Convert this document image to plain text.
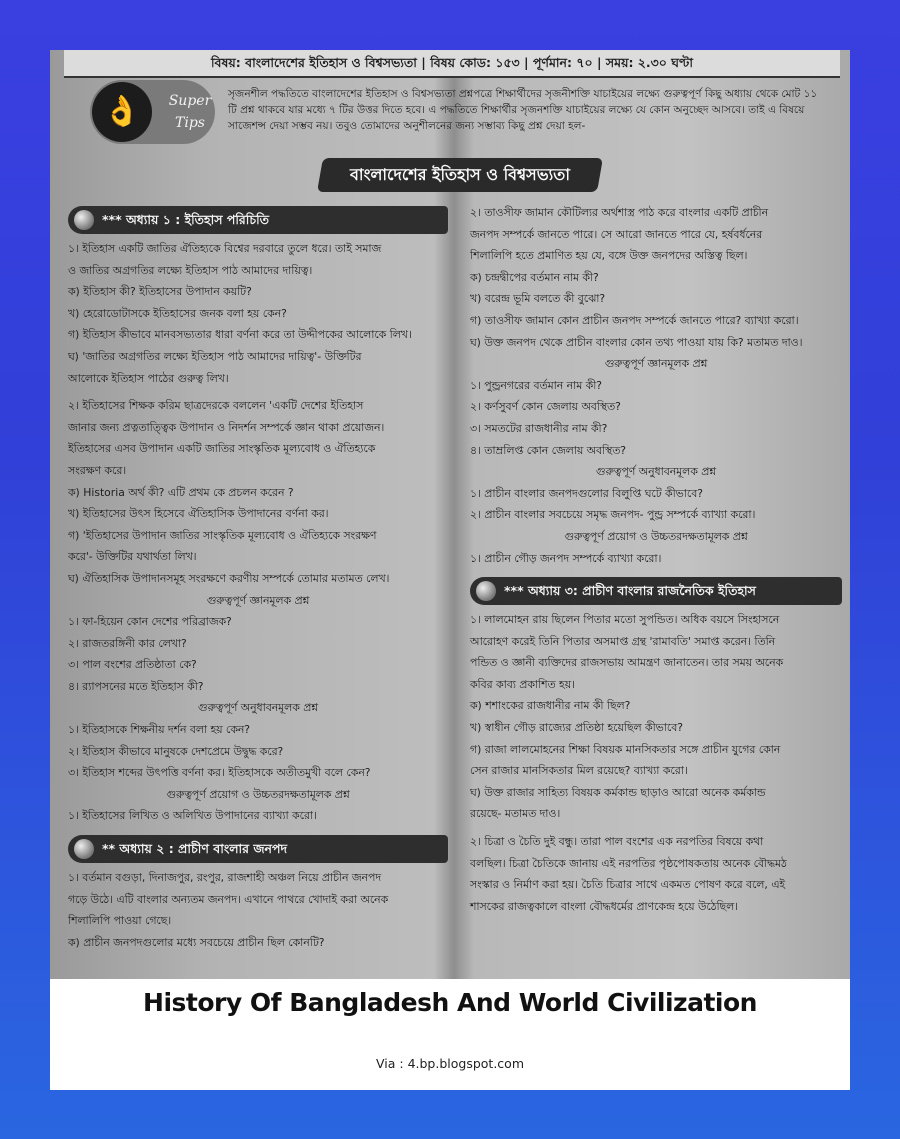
বিষয়: বাংলাদেশের ইতিহাস ও বিশ্বসভ্যতা | বিষয় কোড: ১৫৩ | পূর্ণমান: ৭০ | সময়: ২.৩০ ঘণ্টা
👌	Super
Tips
সৃজনশীল পদ্ধতিতে বাংলাদেশের ইতিহাস ও বিশ্বসভ্যতা প্রশ্নপত্রে শিক্ষার্থীদের সৃজনীশক্তি যাচাইয়ের লক্ষ্যে গুরুত্বপূর্ণ কিছু অধ্যায় থেকে মোট ১১ টি প্রশ্ন থাকবে যার মধ্যে ৭ টির উত্তর দিতে হবে। এ পদ্ধতিতে শিক্ষার্থীর সৃজনশক্তি যাচাইয়ের লক্ষ্যে যে কোন অনুচ্ছেদ আসবে। তাই এ বিষয়ে সাজেশন্স দেয়া সম্ভব নয়। তবুও তোমাদের অনুশীলনের জন্য সম্ভাব্য কিছু প্রশ্ন দেয়া হল-
বাংলাদেশের ইতিহাস ও বিশ্বসভ্যতা
*** অধ্যায় ১ : ইতিহাস পরিচিতি

১। ইতিহাস একটি জাতির ঐতিহ্যকে বিশ্বের দরবারে তুলে ধরে। তাই সমাজ

ও জাতির অগ্রগতির লক্ষ্যে ইতিহাস পাঠ আমাদের দায়িত্ব।

ক) ইতিহাস কী? ইতিহাসের উপাদান কয়টি?

খ) হেরোডোটাসকে ইতিহাসের জনক বলা হয় কেন?

গ) ইতিহাস কীভাবে মানবসভ্যতার ধারা বর্ণনা করে তা উদ্দীপকের আলোকে লিখ।

ঘ) 'জাতির অগ্রগতির লক্ষ্যে ইতিহাস পাঠ আমাদের দায়িত্ব'- উক্তিটির

আলোকে ইতিহাস পাঠের গুরুত্ব লিখ।

২। ইতিহাসের শিক্ষক করিম ছাত্রদেরকে বললেন 'একটি দেশের ইতিহাস

জানার জন্য প্রত্নতাত্ত্বিক উপাদান ও নিদর্শন সম্পর্কে জ্ঞান থাকা প্রয়োজন।

ইতিহাসের এসব উপাদান একটি জাতির সাংস্কৃতিক মূল্যবোধ ও ঐতিহ্যকে

সংরক্ষণ করে।

ক) Historia অর্থ কী? এটি প্রথম কে প্রচলন করেন ?

খ) ইতিহাসের উৎস হিসেবে ঐতিহাসিক উপাদানের বর্ণনা কর।

গ) 'ইতিহাসের উপাদান জাতির সাংস্কৃতিক মূল্যবোধ ও ঐতিহ্যকে সংরক্ষণ

করে'- উক্তিটির যথার্থতা লিখ।

ঘ) ঐতিহাসিক উপাদানসমূহ সংরক্ষণে করণীয় সম্পর্কে তোমার মতামত লেখ।

গুরুত্বপূর্ণ জ্ঞানমূলক প্রশ্ন

১। ফা-হিয়েন কোন দেশের পরিব্রাজক?

২। রাজতরঙ্গিনী কার লেখা?

৩। পাল বংশের প্রতিষ্ঠাতা কে?

৪। র‍্যাপসনের মতে ইতিহাস কী?

গুরুত্বপূর্ণ অনুধাবনমূলক প্রশ্ন

১। ইতিহাসকে শিক্ষনীয় দর্শন বলা হয় কেন?

২। ইতিহাস কীভাবে মানুষকে দেশপ্রেমে উদ্বুদ্ধ করে?

৩। ইতিহাস শব্দের উৎপত্তি বর্ণনা কর। ইতিহাসকে অতীতমুখী বলে কেন?

গুরুত্বপূর্ণ প্রয়োগ ও উচ্চতরদক্ষতামূলক প্রশ্ন

১। ইতিহাসের লিখিত ও অলিখিত উপাদানের ব্যাখ্যা করো।

** অধ্যায় ২ : প্রাচীণ বাংলার জনপদ

১। বর্তমান বগুড়া, দিনাজপুর, রংপুর, রাজশাহী অঞ্চল নিয়ে প্রাচীন জনপদ

গড়ে উঠে। এটি বাংলার অন্যতম জনপদ। এখানে পাথরে খোদাই করা অনেক

শিলালিপি পাওয়া গেছে।

ক) প্রাচীন জনপদগুলোর মধ্যে সবচেয়ে প্রাচীন ছিল কোনটি?

২। তাওসীফ জামান কৌটিল্যর অর্থশাস্ত্র পাঠ করে বাংলার একটি প্রাচীন

জনপদ সম্পর্কে জানতে পারে। সে আরো জানতে পারে যে, হর্ষবর্ধনের

শিলালিপি হতে প্রমাণিত হয় যে, বঙ্গে উক্ত জনপদের অস্তিত্ব ছিল।

ক) চন্দ্রদ্বীপের বর্তমান নাম কী?

খ) বরেন্দ্র ভূমি বলতে কী বুঝো?

গ) তাওসীফ জামান কোন প্রাচীন জনপদ সম্পর্কে জানতে পারে? ব্যাখ্যা করো।

ঘ) উক্ত জনপদ থেকে প্রাচীন বাংলার কোন তথ্য পাওয়া যায় কি? মতামত দাও।

গুরুত্বপূর্ণ জ্ঞানমূলক প্রশ্ন

১। পুন্ড্রনগরের বর্তমান নাম কী?

২। কর্ণসুবর্ণ কোন জেলায় অবস্থিত?

৩। সমতটের রাজধানীর নাম কী?

৪। তাম্রলিপ্ত কোন জেলায় অবস্থিত?

গুরুত্বপূর্ণ অনুধাবনমূলক প্রশ্ন

১। প্রাচীন বাংলার জনপদগুলোর বিলুপ্তি ঘটে কীভাবে?

২। প্রাচীন বাংলার সবচেয়ে সমৃদ্ধ জনপদ- পুন্ড্র সম্পর্কে ব্যাখ্যা করো।

গুরুত্বপূর্ণ প্রয়োগ ও উচ্চতরদক্ষতামূলক প্রশ্ন

১। প্রাচীন গৌড় জনপদ সম্পর্কে ব্যাখ্যা করো।

*** অধ্যায় ৩: প্রাচীণ বাংলার রাজনৈতিক ইতিহাস

১। লালমোহন রায় ছিলেন পিতার মতো সুপন্ডিত। অধিক বয়সে সিংহাসনে

আরোহণ করেই তিনি পিতার অসমাপ্ত গ্রন্থ 'রামাবতি' সমাপ্ত করেন। তিনি

পন্ডিত ও জ্ঞানী ব্যক্তিদের রাজসভায় আমন্ত্রণ জানাতেন। তার সময় অনেক

কবির কাব্য প্রকাশিত হয়।

ক) শশাংকের রাজধানীর নাম কী ছিল?

খ) স্বাধীন গৌড় রাজ্যের প্রতিষ্ঠা হয়েছিল কীভাবে?

গ) রাজা লালমোহনের শিক্ষা বিষয়ক মানসিকতার সঙ্গে প্রাচীন যুগের কোন

সেন রাজার মানসিকতার মিল রয়েছে? ব্যাখ্যা করো।

ঘ) উক্ত রাজার সাহিত্য বিষয়ক কর্মকান্ড ছাড়াও আরো অনেক কর্মকান্ড

রয়েছে- মতামত দাও।

২। চিত্রা ও চৈতি দুই বন্ধু। তারা পাল বংশের এক নরপতির বিষয়ে কথা

বলছিল। চিত্রা চৈতিকে জানায় এই নরপতির পৃষ্ঠপোষকতায় অনেক বৌদ্ধমঠ

সংস্কার ও নির্মাণ করা হয়। চৈতি চিত্রার সাথে একমত পোষণ করে বলে, এই

শাসকের রাজত্বকালে বাংলা বৌদ্ধধর্মের প্রাণকেন্দ্র হয়ে উঠেছিল।

History Of Bangladesh And World Civilization
Via : 4.bp.blogspot.com
